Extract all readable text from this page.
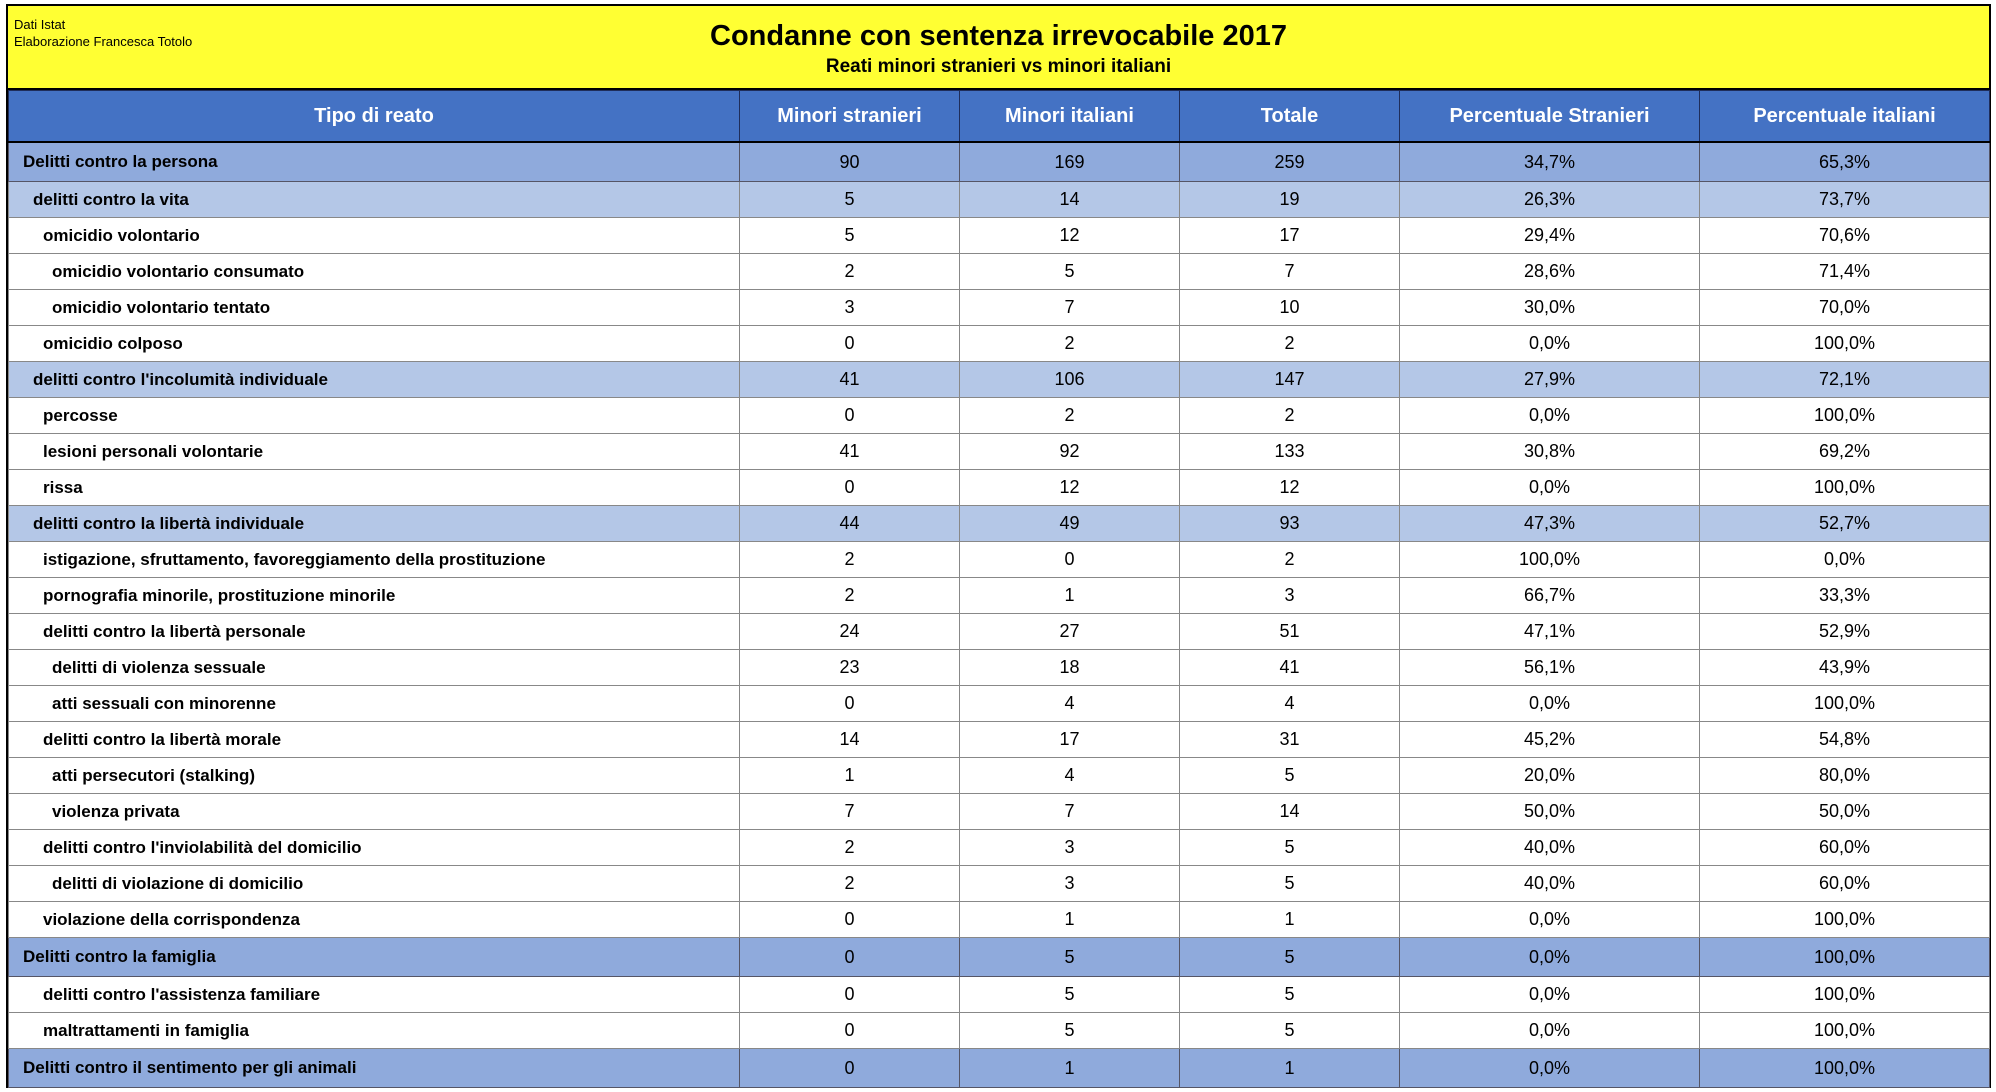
Dati Istat
Elaborazione Francesca Totolo	Condanne con sentenza irrevocabile 2017
Reati minori stranieri vs minori italiani
Tipo di reato	Minori stranieri	Minori italiani	Totale	Percentuale Stranieri	Percentuale italiani
Delitti contro la persona	90	169	259	34,7%	65,3%
delitti contro la vita	5	14	19	26,3%	73,7%
omicidio volontario	5	12	17	29,4%	70,6%
omicidio volontario consumato	2	5	7	28,6%	71,4%
omicidio volontario tentato	3	7	10	30,0%	70,0%
omicidio colposo	0	2	2	0,0%	100,0%
delitti contro l'incolumità individuale	41	106	147	27,9%	72,1%
percosse	0	2	2	0,0%	100,0%
lesioni personali volontarie	41	92	133	30,8%	69,2%
rissa	0	12	12	0,0%	100,0%
delitti contro la libertà individuale	44	49	93	47,3%	52,7%
istigazione, sfruttamento, favoreggiamento della prostituzione	2	0	2	100,0%	0,0%
pornografia minorile, prostituzione minorile	2	1	3	66,7%	33,3%
delitti contro la libertà personale	24	27	51	47,1%	52,9%
delitti di violenza sessuale	23	18	41	56,1%	43,9%
atti sessuali con minorenne	0	4	4	0,0%	100,0%
delitti contro la libertà morale	14	17	31	45,2%	54,8%
atti persecutori (stalking)	1	4	5	20,0%	80,0%
violenza privata	7	7	14	50,0%	50,0%
delitti contro l'inviolabilità del domicilio	2	3	5	40,0%	60,0%
delitti di violazione di domicilio	2	3	5	40,0%	60,0%
violazione della corrispondenza	0	1	1	0,0%	100,0%
Delitti contro la famiglia	0	5	5	0,0%	100,0%
delitti contro l'assistenza familiare	0	5	5	0,0%	100,0%
maltrattamenti in famiglia	0	5	5	0,0%	100,0%
Delitti contro il sentimento per gli animali	0	1	1	0,0%	100,0%
